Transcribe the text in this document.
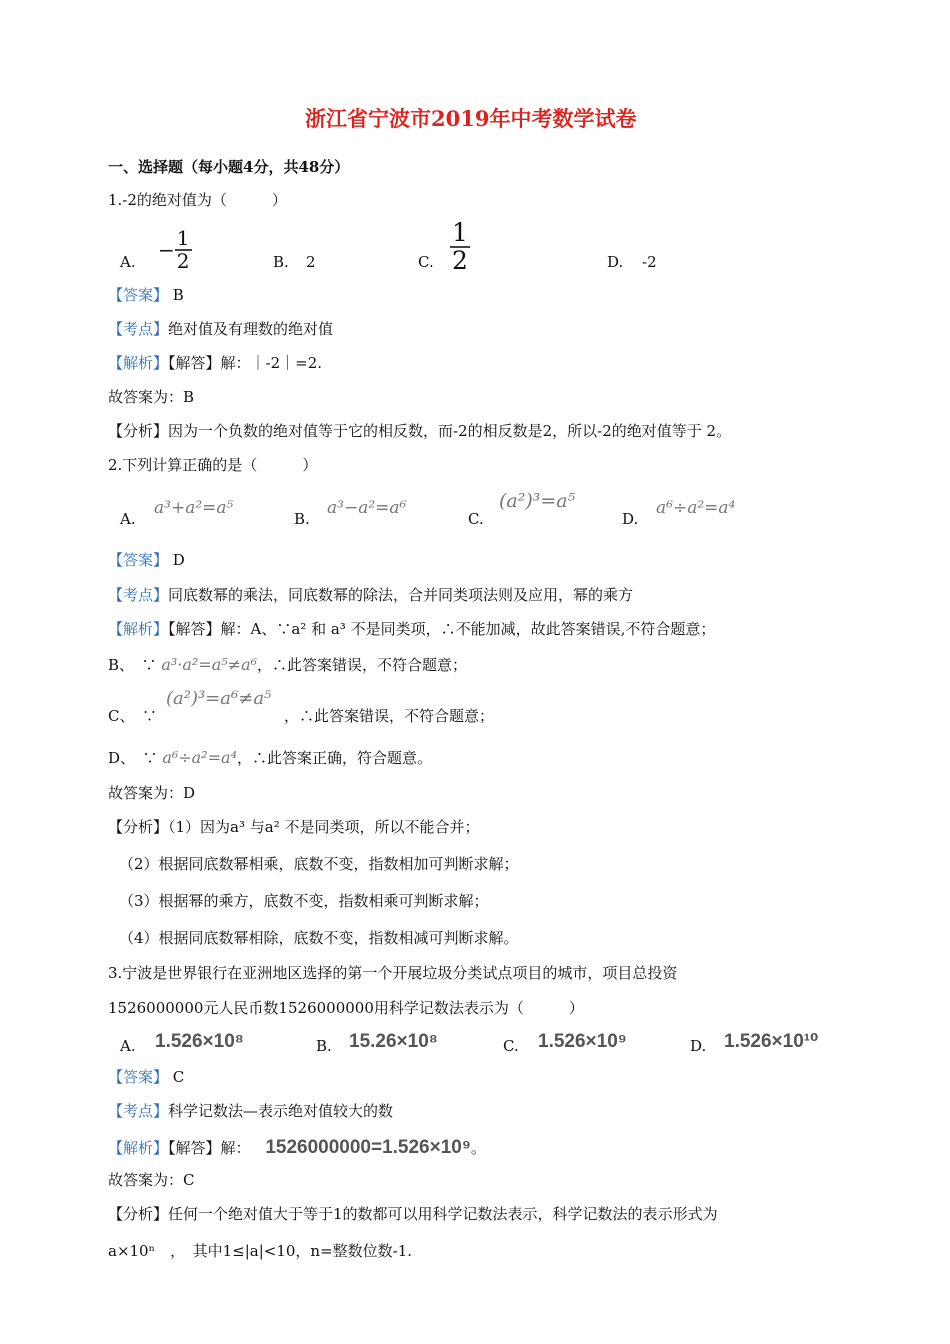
浙江省宁波市2019年中考数学试卷
一、选择题（每小题4分，共48分）
1.-2的绝对值为（　　　）
A. − $\frac{1}{2}$	B. 2	C. $\frac{1}{2}$	D. -2
【答案】 B
【考点】绝对值及有理数的绝对值
【解析】【解答】解：｜-2｜=2.
故答案为：B
【分析】因为一个负数的绝对值等于它的相反数，而-2的相反数是2，所以-2的绝对值等于 2。
2.下列计算正确的是（　　　）
A.
a³+a²=a⁵
B.
a³−a²=a⁶
C.
(a²)³=a⁵
D.
a⁶÷a²=a⁴
【答案】 D
【考点】同底数幂的乘法，同底数幂的除法，合并同类项法则及应用，幂的乘方
【解析】【解答】解：A、∵a² 和 a³ 不是同类项，∴不能加减，故此答案错误,不符合题意；
B、　∵ a³·a²=a⁵≠a⁶，∴此答案错误，不符合题意；
C、　∵
(a²)³=a⁶≠a⁵
，∴此答案错误，不符合题意；
D、　∵ a⁶÷a²=a⁴，∴此答案正确，符合题意。
故答案为：D
【分析】（1）因为a³ 与a² 不是同类项，所以不能合并；
（2）根据同底数幂相乘，底数不变，指数相加可判断求解；
（3）根据幂的乘方，底数不变，指数相乘可判断求解；
（4）根据同底数幂相除，底数不变，指数相减可判断求解。
3.宁波是世界银行在亚洲地区选择的第一个开展垃圾分类试点项目的城市，项目总投资
1526000000元人民币数1526000000用科学记数法表示为（　　　）
A. 1.526×10⁸	B. 15.26×10⁸	C. 1.526×10⁹	D. 1.526×10¹⁰
【答案】 C
【考点】科学记数法—表示绝对值较大的数
【解析】【解答】解： 1526000000=1.526×10⁹。
故答案为：C
【分析】任何一个绝对值大于等于1的数都可以用科学记数法表示，科学记数法的表示形式为
a×10ⁿ　，　其中1≤|a|<10，n=整数位数-1.
